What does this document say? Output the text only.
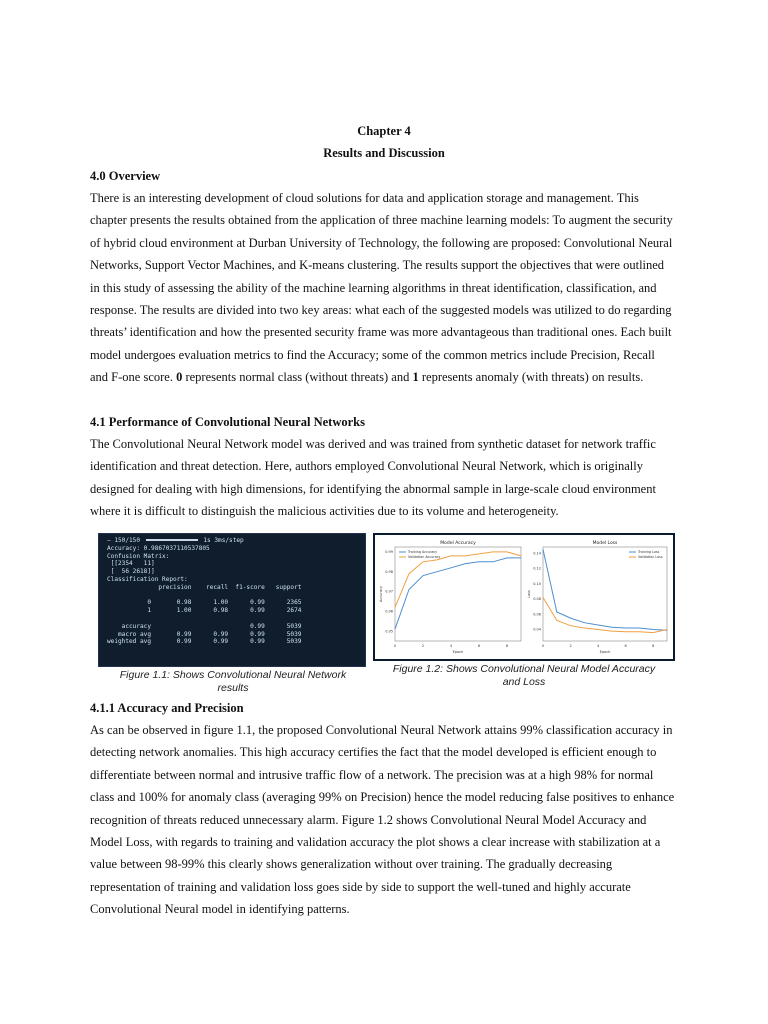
Chapter 4
Results and Discussion
4.0 Overview

There is an interesting development of cloud solutions for data and application storage and management. This

chapter presents the results obtained from the application of three machine learning models: To augment the security

of hybrid cloud environment at Durban University of Technology, the following are proposed: Convolutional Neural

Networks, Support Vector Machines, and K-means clustering. The results support the objectives that were outlined

in this study of assessing the ability of the machine learning algorithms in threat identification, classification, and

response. The results are divided into two key areas: what each of the suggested models was utilized to do regarding

threats’ identification and how the presented security frame was more advantageous than traditional ones. Each built

model undergoes evaluation metrics to find the Accuracy; some of the common metrics include Precision, Recall

and F-one score. 0 represents normal class (without threats) and 1 represents anomaly (with threats) on results.

4.1 Performance of Convolutional Neural Networks

The Convolutional Neural Network model was derived and was trained from synthetic dataset for network traffic

identification and threat detection. Here, authors employed Convolutional Neural Network, which is originally

designed for dealing with high dimensions, for identifying the abnormal sample in large-scale cloud environment

where it is difficult to distinguish the malicious activities due to its volume and heterogeneity.

— 150/150	1s 3ms/step
Accuracy: 0.9867037110537805
Confusion Matrix:
[[2354   11]
[  56 2618]]
Classification Report:
precision    recall  f1-score   support

0       0.98      1.00      0.99      2365
1       1.00      0.98      0.99      2674

accuracy                           0.99      5039
macro avg       0.99      0.99      0.99      5039
weighted avg       0.99      0.99      0.99      5039
Figure 1.1: Shows Convolutional Neural Network
results
Model Accuracy
Epoch
Accuracy
0	2	4	6	8
0.95
0.96
0.97
0.98
0.99	Training Accuracy
Validation Accuracy
Model Loss
Epoch
Loss
0	2	4	6	8
0.04
0.06
0.08
0.10
0.12
0.14	Training Loss
Validation Loss
Figure 1.2: Shows Convolutional Neural Model Accuracy
and Loss
4.1.1 Accuracy and Precision

As can be observed in figure 1.1, the proposed Convolutional Neural Network attains 99% classification accuracy in

detecting network anomalies. This high accuracy certifies the fact that the model developed is efficient enough to

differentiate between normal and intrusive traffic flow of a network. The precision was at a high 98% for normal

class and 100% for anomaly class (averaging 99% on Precision) hence the model reducing false positives to enhance

recognition of threats reduced unnecessary alarm. Figure 1.2 shows Convolutional Neural Model Accuracy and

Model Loss, with regards to training and validation accuracy the plot shows a clear increase with stabilization at a

value between 98-99% this clearly shows generalization without over training. The gradually decreasing

representation of training and validation loss goes side by side to support the well-tuned and highly accurate

Convolutional Neural model in identifying patterns.
